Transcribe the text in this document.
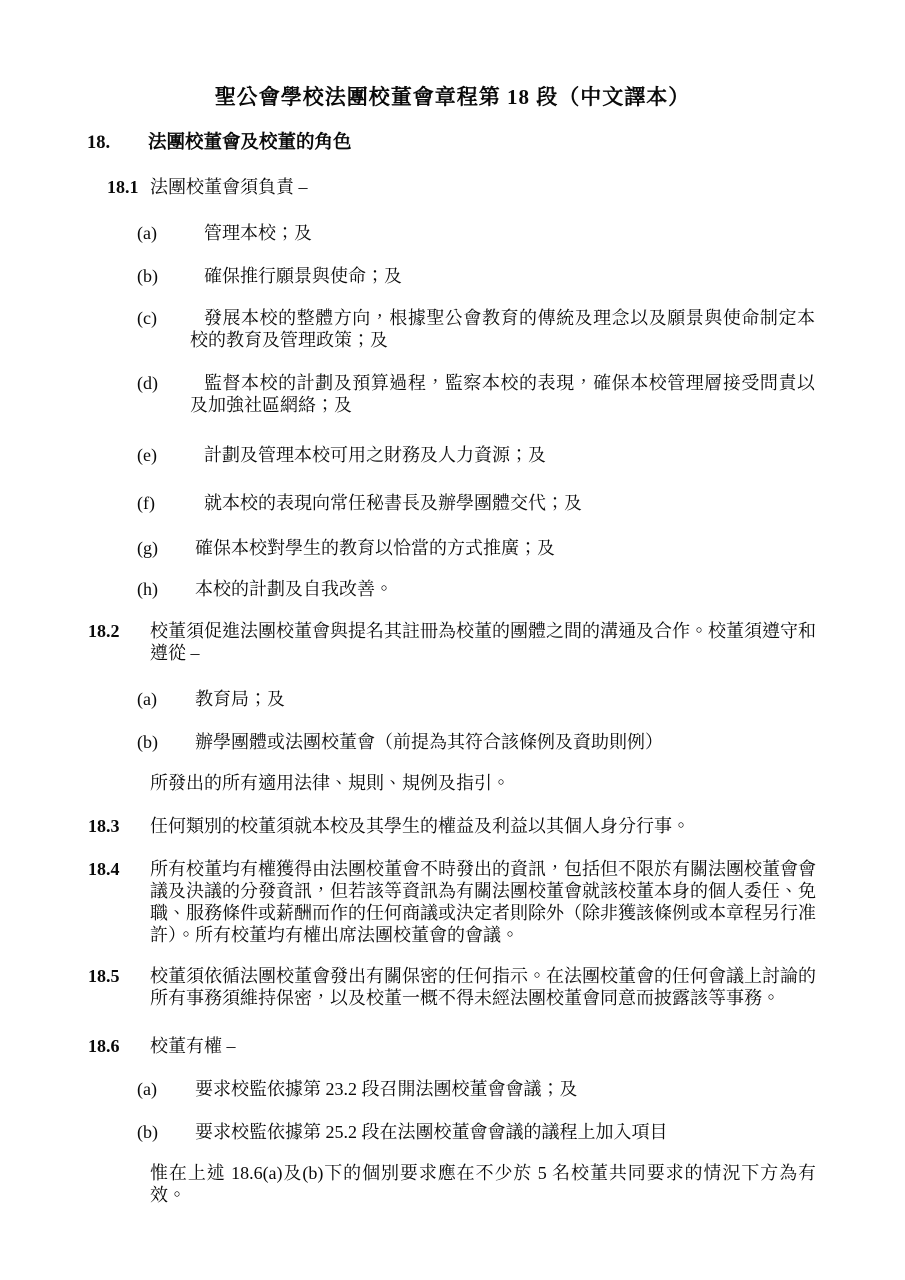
聖公會學校法團校董會章程第 18 段（中文譯本）
18. 法團校董會及校董的角色
18.1 法團校董會須負責 –
(a)	管理本校；及
(b)	確保推行願景與使命；及
(c)	發展本校的整體方向，根據聖公會教育的傳統及理念以及願景與使命制定本校的教育及管理政策；及
(d)	監督本校的計劃及預算過程，監察本校的表現，確保本校管理層接受問責以及加強社區網絡；及
(e)	計劃及管理本校可用之財務及人力資源；及
(f)	就本校的表現向常任秘書長及辦學團體交代；及
(g) 確保本校對學生的教育以恰當的方式推廣；及
(h) 本校的計劃及自我改善。
18.2 校董須促進法團校董會與提名其註冊為校董的團體之間的溝通及合作。校董須遵守和遵從 –
(a) 教育局；及
(b) 辦學團體或法團校董會（前提為其符合該條例及資助則例）
所發出的所有適用法律、規則、規例及指引。
18.3 任何類別的校董須就本校及其學生的權益及利益以其個人身分行事。
18.4 所有校董均有權獲得由法團校董會不時發出的資訊，包括但不限於有關法團校董會會議及決議的分發資訊，但若該等資訊為有關法團校董會就該校董本身的個人委任、免職、服務條件或薪酬而作的任何商議或決定者則除外（除非獲該條例或本章程另行准許）。所有校董均有權出席法團校董會的會議。
18.5 校董須依循法團校董會發出有關保密的任何指示。在法團校董會的任何會議上討論的所有事務須維持保密，以及校董一概不得未經法團校董會同意而披露該等事務。
18.6 校董有權 –
(a) 要求校監依據第 23.2 段召開法團校董會會議；及
(b) 要求校監依據第 25.2 段在法團校董會會議的議程上加入項目
惟在上述 18.6(a)及(b)下的個別要求應在不少於 5 名校董共同要求的情況下方為有效。
